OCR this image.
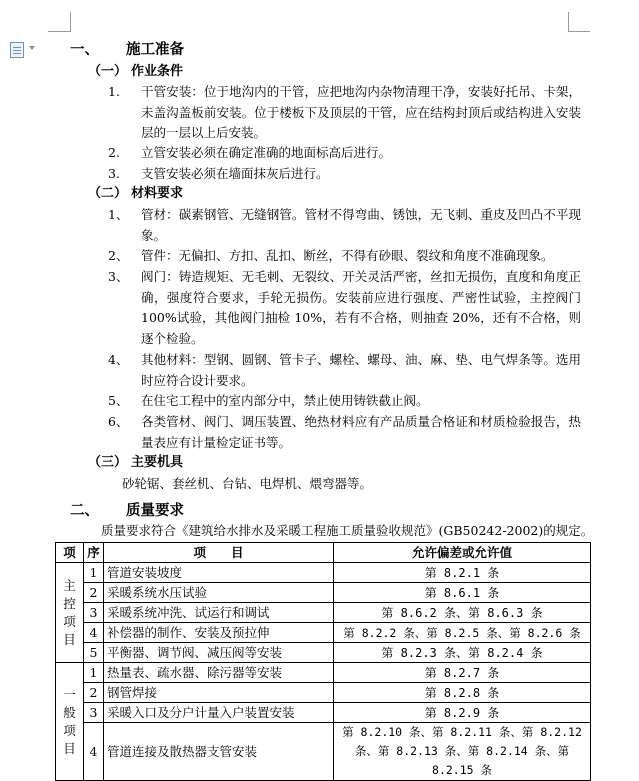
一、 施工准备
（一） 作业条件
1.	干管安装：位于地沟内的干管，应把地沟内杂物清理干净，安装好托吊、卡架，未盖沟盖板前安装。位于楼板下及顶层的干管，应在结构封顶后或结构进入安装层的一层以上后安装。
2.	立管安装必须在确定准确的地面标高后进行。
3.	支管安装必须在墙面抹灰后进行。
（二） 材料要求
1、	管材：碳素钢管、无缝钢管。管材不得弯曲、锈蚀，无飞刺、重皮及凹凸不平现象。
2、	管件：无偏扣、方扣、乱扣、断丝，不得有砂眼、裂纹和角度不准确现象。
3、	阀门：铸造规矩、无毛刺、无裂纹、开关灵活严密，丝扣无损伤，直度和角度正确，强度符合要求，手轮无损伤。安装前应进行强度、严密性试验，主控阀门 100%试验，其他阀门抽检 10%，若有不合格，则抽查 20%，还有不合格，则逐个检验。
4、	其他材料：型钢、圆钢、管卡子、螺栓、螺母、油、麻、垫、电气焊条等。选用时应符合设计要求。
5、	在住宅工程中的室内部分中，禁止使用铸铁截止阀。
6、	各类管材、阀门、调压装置、绝热材料应有产品质量合格证和材质检验报告，热量表应有计量检定证书等。
（三） 主要机具
砂轮锯、套丝机、台钻、电焊机、煨弯器等。
二、 质量要求
质量要求符合《建筑给水排水及采暖工程施工质量验收规范》(GB50242-2002)的规定。
项	序	项　　目	允许偏差或允许值

主控项目	1	管道安装坡度	第 8.2.1 条
	2	采暖系统水压试验	第 8.6.1 条
	3	采暖系统冲洗、试运行和调试	第 8.6.2 条、第 8.6.3 条
	4	补偿器的制作、安装及预拉伸	第 8.2.2 条、第 8.2.5 条、第 8.2.6 条
	5	平衡器、调节阀、减压阀等安装	第 8.2.3 条、第 8.2.4 条

一般项目	1	热量表、疏水器、除污器等安装	第 8.2.7 条
	2	钢管焊接	第 8.2.8 条
	3	采暖入口及分户计量入户装置安装	第 8.2.9 条
	4	管道连接及散热器支管安装	第 8.2.10 条、第 8.2.11 条、第 8.2.12 条、第 8.2.13 条、第 8.2.14 条、第 8.2.15 条
